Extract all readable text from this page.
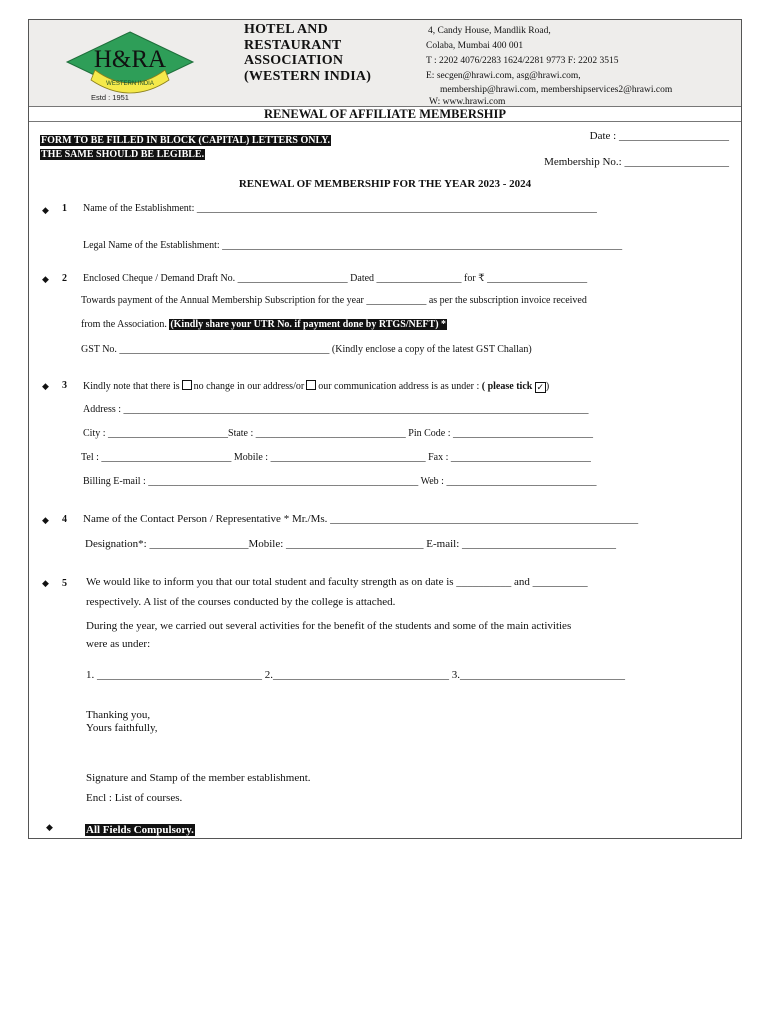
H&RA
WESTERN INDIA
Estd : 1951
HOTEL AND
RESTAURANT
ASSOCIATION
(WESTERN INDIA)
4, Candy House, Mandlik Road,
Colaba, Mumbai 400 001
T : 2202 4076/2283 1624/2281 9773 F: 2202 3515
E: secgen@hrawi.com, asg@hrawi.com,
membership@hrawi.com, membershipservices2@hrawi.com
W: www.hrawi.com
RENEWAL OF AFFILIATE MEMBERSHIP
FORM TO BE FILLED IN BLOCK (CAPITAL) LETTERS ONLY.
THE SAME SHOULD BE LEGIBLE.
Date : ____________________
Membership No.: ___________________
RENEWAL OF MEMBERSHIP FOR THE YEAR 2023 - 2024
◆ 1 Name of the Establishment: ________________________________________________________________________________
Legal Name of the Establishment: ________________________________________________________________________________
◆ 2 Enclosed Cheque / Demand Draft No. ______________________ Dated _________________ for ₹ ____________________
Towards payment of the Annual Membership Subscription for the year ____________ as per the subscription invoice received
from the Association. (Kindly share your UTR No. if payment done by RTGS/NEFT) *
GST No. __________________________________________ (Kindly enclose a copy of the latest GST Challan)
◆ 3 Kindly note that there is no change in our address/or our communication address is as under : ( please tick ✓ )
Address : _____________________________________________________________________________________________
City : ________________________State : ______________________________ Pin Code : ____________________________
Tel : __________________________ Mobile : _______________________________ Fax : ____________________________
Billing E-mail : ______________________________________________________ Web : ______________________________
◆ 4 Name of the Contact Person / Representative * Mr./Ms. ________________________________________________________
Designation*: __________________Mobile: _________________________ E-mail: ____________________________
◆ 5 We would like to inform you that our total student and faculty strength as on date is __________ and __________
respectively. A list of the courses conducted by the college is attached.
During the year, we carried out several activities for the benefit of the students and some of the main activities
were as under:
1. ______________________________ 2.________________________________ 3.______________________________
Thanking you,
Yours faithfully,
Signature and Stamp of the member establishment.
Encl : List of courses.
◆	All Fields Compulsory.
